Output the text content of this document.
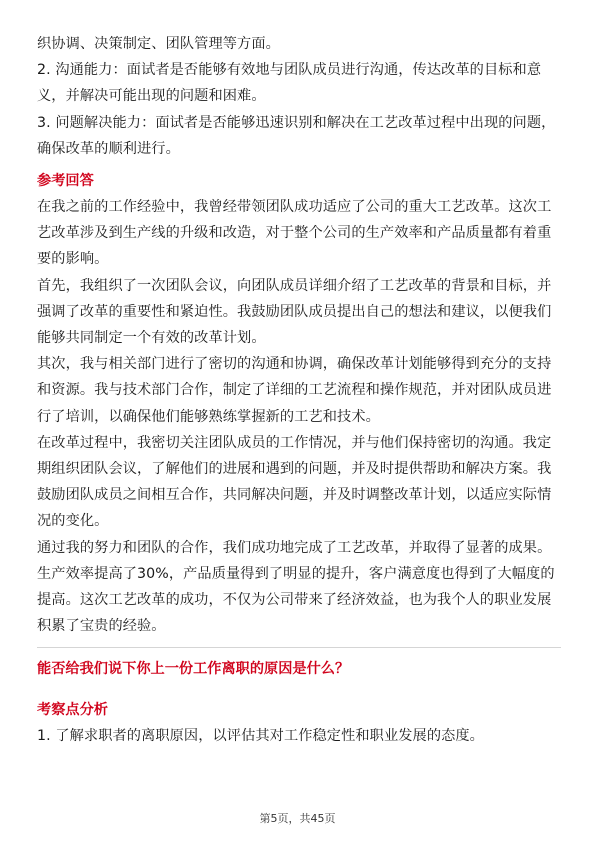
织协调、决策制定、团队管理等方面。

2. 沟通能力：面试者是否能够有效地与团队成员进行沟通，传达改革的目标和意义，并解决可能出现的问题和困难。

3. 问题解决能力：面试者是否能够迅速识别和解决在工艺改革过程中出现的问题，确保改革的顺利进行。

参考回答

在我之前的工作经验中，我曾经带领团队成功适应了公司的重大工艺改革。这次工艺改革涉及到生产线的升级和改造，对于整个公司的生产效率和产品质量都有着重要的影响。

首先，我组织了一次团队会议，向团队成员详细介绍了工艺改革的背景和目标，并强调了改革的重要性和紧迫性。我鼓励团队成员提出自己的想法和建议，以便我们能够共同制定一个有效的改革计划。

其次，我与相关部门进行了密切的沟通和协调，确保改革计划能够得到充分的支持和资源。我与技术部门合作，制定了详细的工艺流程和操作规范，并对团队成员进行了培训，以确保他们能够熟练掌握新的工艺和技术。

在改革过程中，我密切关注团队成员的工作情况，并与他们保持密切的沟通。我定期组织团队会议，了解他们的进展和遇到的问题，并及时提供帮助和解决方案。我鼓励团队成员之间相互合作，共同解决问题，并及时调整改革计划，以适应实际情况的变化。

通过我的努力和团队的合作，我们成功地完成了工艺改革，并取得了显著的成果。生产效率提高了30%，产品质量得到了明显的提升，客户满意度也得到了大幅度的提高。这次工艺改革的成功，不仅为公司带来了经济效益，也为我个人的职业发展积累了宝贵的经验。

能否给我们说下你上一份工作离职的原因是什么？

考察点分析

1. 了解求职者的离职原因，以评估其对工作稳定性和职业发展的态度。

第5页，共45页
